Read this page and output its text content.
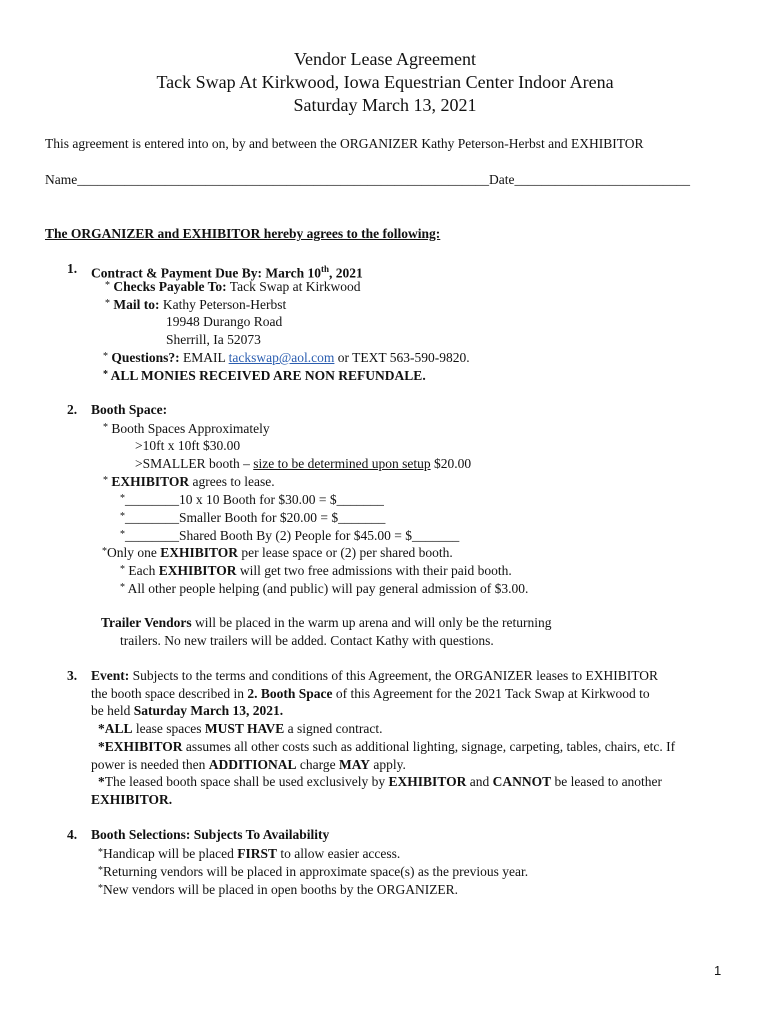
Vendor Lease Agreement
Tack Swap At Kirkwood, Iowa Equestrian Center Indoor Arena
Saturday March 13, 2021
This agreement is entered into on, by and between the ORGANIZER Kathy Peterson-Herbst and EXHIBITOR
Name_____________________________________________________________Date__________________________
The ORGANIZER and EXHIBITOR hereby agrees to the following:
1. Contract & Payment Due By: March 10th, 2021
* Checks Payable To: Tack Swap at Kirkwood
* Mail to: Kathy Peterson-Herbst
19948 Durango Road
Sherrill, Ia 52073
* Questions?: EMAIL tackswap@aol.com or TEXT 563-590-9820.
* ALL MONIES RECEIVED ARE NON REFUNDALE.
2. Booth Space:
* Booth Spaces Approximately
>10ft x 10ft $30.00
>SMALLER booth – size to be determined upon setup $20.00
* EXHIBITOR agrees to lease.
*________10 x 10 Booth for $30.00 = $_______
*________Smaller Booth for $20.00 = $_______
*________Shared Booth By (2) People for $45.00 = $_______
*Only one EXHIBITOR per lease space or (2) per shared booth.
* Each EXHIBITOR will get two free admissions with their paid booth.
* All other people helping (and public) will pay general admission of $3.00.
Trailer Vendors will be placed in the warm up arena and will only be the returning
trailers. No new trailers will be added. Contact Kathy with questions.
3. Event: Subjects to the terms and conditions of this Agreement, the ORGANIZER leases to EXHIBITOR
the booth space described in 2. Booth Space of this Agreement for the 2021 Tack Swap at Kirkwood to
be held Saturday March 13, 2021.
*ALL lease spaces MUST HAVE a signed contract.
*EXHIBITOR assumes all other costs such as additional lighting, signage, carpeting, tables, chairs, etc. If
power is needed then ADDITIONAL charge MAY apply.
*The leased booth space shall be used exclusively by EXHIBITOR and CANNOT be leased to another
EXHIBITOR.
4. Booth Selections: Subjects To Availability
*Handicap will be placed FIRST to allow easier access.
*Returning vendors will be placed in approximate space(s) as the previous year.
*New vendors will be placed in open booths by the ORGANIZER.
1
